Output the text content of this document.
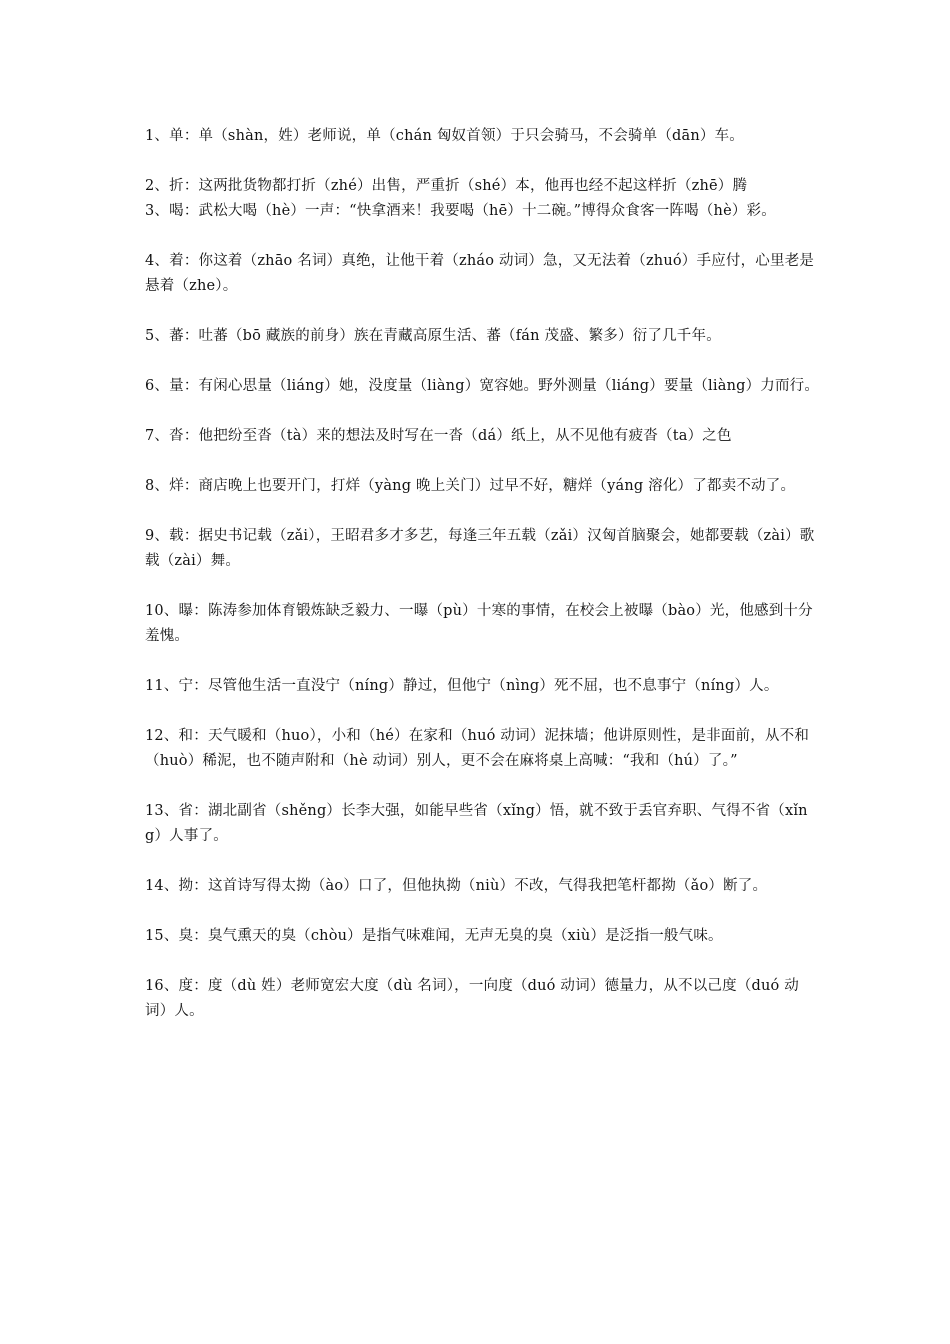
1、单：单（shàn，姓）老师说，单（chán 匈奴首领）于只会骑马，不会骑单（dān）车。

2、折：这两批货物都打折（zhé）出售，严重折（shé）本，他再也经不起这样折（zhē）腾

3、喝：武松大喝（hè）一声：“快拿酒来！我要喝（hē）十二碗。”博得众食客一阵喝（hè）彩。

4、着：你这着（zhāo 名词）真绝，让他干着（zháo 动词）急，又无法着（zhuó）手应付，心里老是悬着（zhe）。

5、蕃：吐蕃（bō 藏族的前身）族在青藏高原生活、蕃（fán 茂盛、繁多）衍了几千年。

6、量：有闲心思量（liáng）她，没度量（liàng）宽容她。野外测量（liáng）要量（liàng）力而行。

7、沓：他把纷至沓（tà）来的想法及时写在一沓（dá）纸上，从不见他有疲沓（ta）之色

8、烊：商店晚上也要开门，打烊（yàng 晚上关门）过早不好，糖烊（yáng 溶化）了都卖不动了。

9、载：据史书记载（zǎi），王昭君多才多艺，每逢三年五载（zǎi）汉匈首脑聚会，她都要载（zài）歌载（zài）舞。

10、曝：陈涛参加体育锻炼缺乏毅力、一曝（pù）十寒的事情，在校会上被曝（bào）光，他感到十分羞愧。

11、宁：尽管他生活一直没宁（níng）静过，但他宁（nìng）死不屈，也不息事宁（níng）人。

12、和：天气暖和（huo），小和（hé）在家和（huó 动词）泥抹墙；他讲原则性，是非面前，从不和（huò）稀泥，也不随声附和（hè 动词）别人，更不会在麻将桌上高喊：“我和（hú）了。”

13、省：湖北副省（shěng）长李大强，如能早些省（xǐng）悟，就不致于丢官弃职、气得不省（xǐng）人事了。

14、拗：这首诗写得太拗（ào）口了，但他执拗（niù）不改，气得我把笔杆都拗（ǎo）断了。

15、臭：臭气熏天的臭（chòu）是指气味难闻，无声无臭的臭（xiù）是泛指一般气味。

16、度：度（dù 姓）老师宽宏大度（dù 名词），一向度（duó 动词）德量力，从不以己度（duó 动词）人。
